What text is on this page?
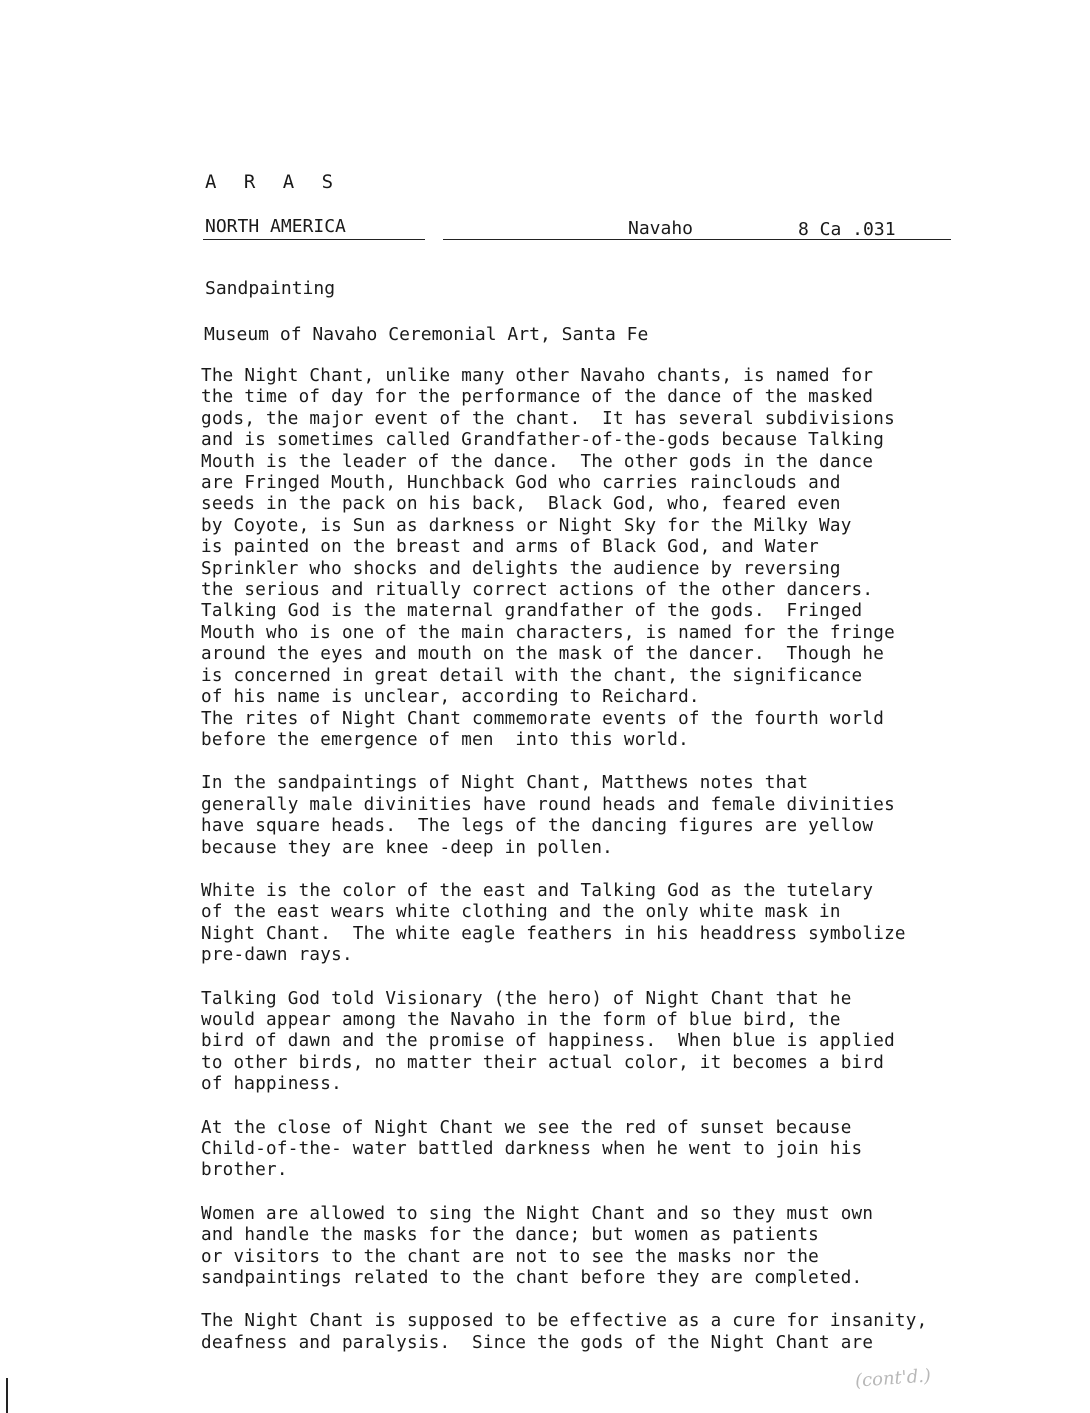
A R A S
NORTH AMERICA	Navaho	8 Ca .031
Sandpainting
Museum of Navaho Ceremonial Art, Santa Fe
The Night Chant, unlike many other Navaho chants, is named for
the time of day for the performance of the dance of the masked
gods, the major event of the chant.  It has several subdivisions
and is sometimes called Grandfather-of-the-gods because Talking
Mouth is the leader of the dance.  The other gods in the dance
are Fringed Mouth, Hunchback God who carries rainclouds and
seeds in the pack on his back,  Black God, who, feared even
by Coyote, is Sun as darkness or Night Sky for the Milky Way
is painted on the breast and arms of Black God, and Water
Sprinkler who shocks and delights the audience by reversing
the serious and ritually correct actions of the other dancers.
Talking God is the maternal grandfather of the gods.  Fringed
Mouth who is one of the main characters, is named for the fringe
around the eyes and mouth on the mask of the dancer.  Though he
is concerned in great detail with the chant, the significance
of his name is unclear, according to Reichard.
The rites of Night Chant commemorate events of the fourth world
before the emergence of men  into this world.
In the sandpaintings of Night Chant, Matthews notes that
generally male divinities have round heads and female divinities
have square heads.  The legs of the dancing figures are yellow
because they are knee -deep in pollen.
White is the color of the east and Talking God as the tutelary
of the east wears white clothing and the only white mask in
Night Chant.  The white eagle feathers in his headdress symbolize
pre-dawn rays.
Talking God told Visionary (the hero) of Night Chant that he
would appear among the Navaho in the form of blue bird, the
bird of dawn and the promise of happiness.  When blue is applied
to other birds, no matter their actual color, it becomes a bird
of happiness.
At the close of Night Chant we see the red of sunset because
Child-of-the- water battled darkness when he went to join his
brother.
Women are allowed to sing the Night Chant and so they must own
and handle the masks for the dance; but women as patients
or visitors to the chant are not to see the masks nor the
sandpaintings related to the chant before they are completed.
The Night Chant is supposed to be effective as a cure for insanity,
deafness and paralysis.  Since the gods of the Night Chant are
(cont'd.)
